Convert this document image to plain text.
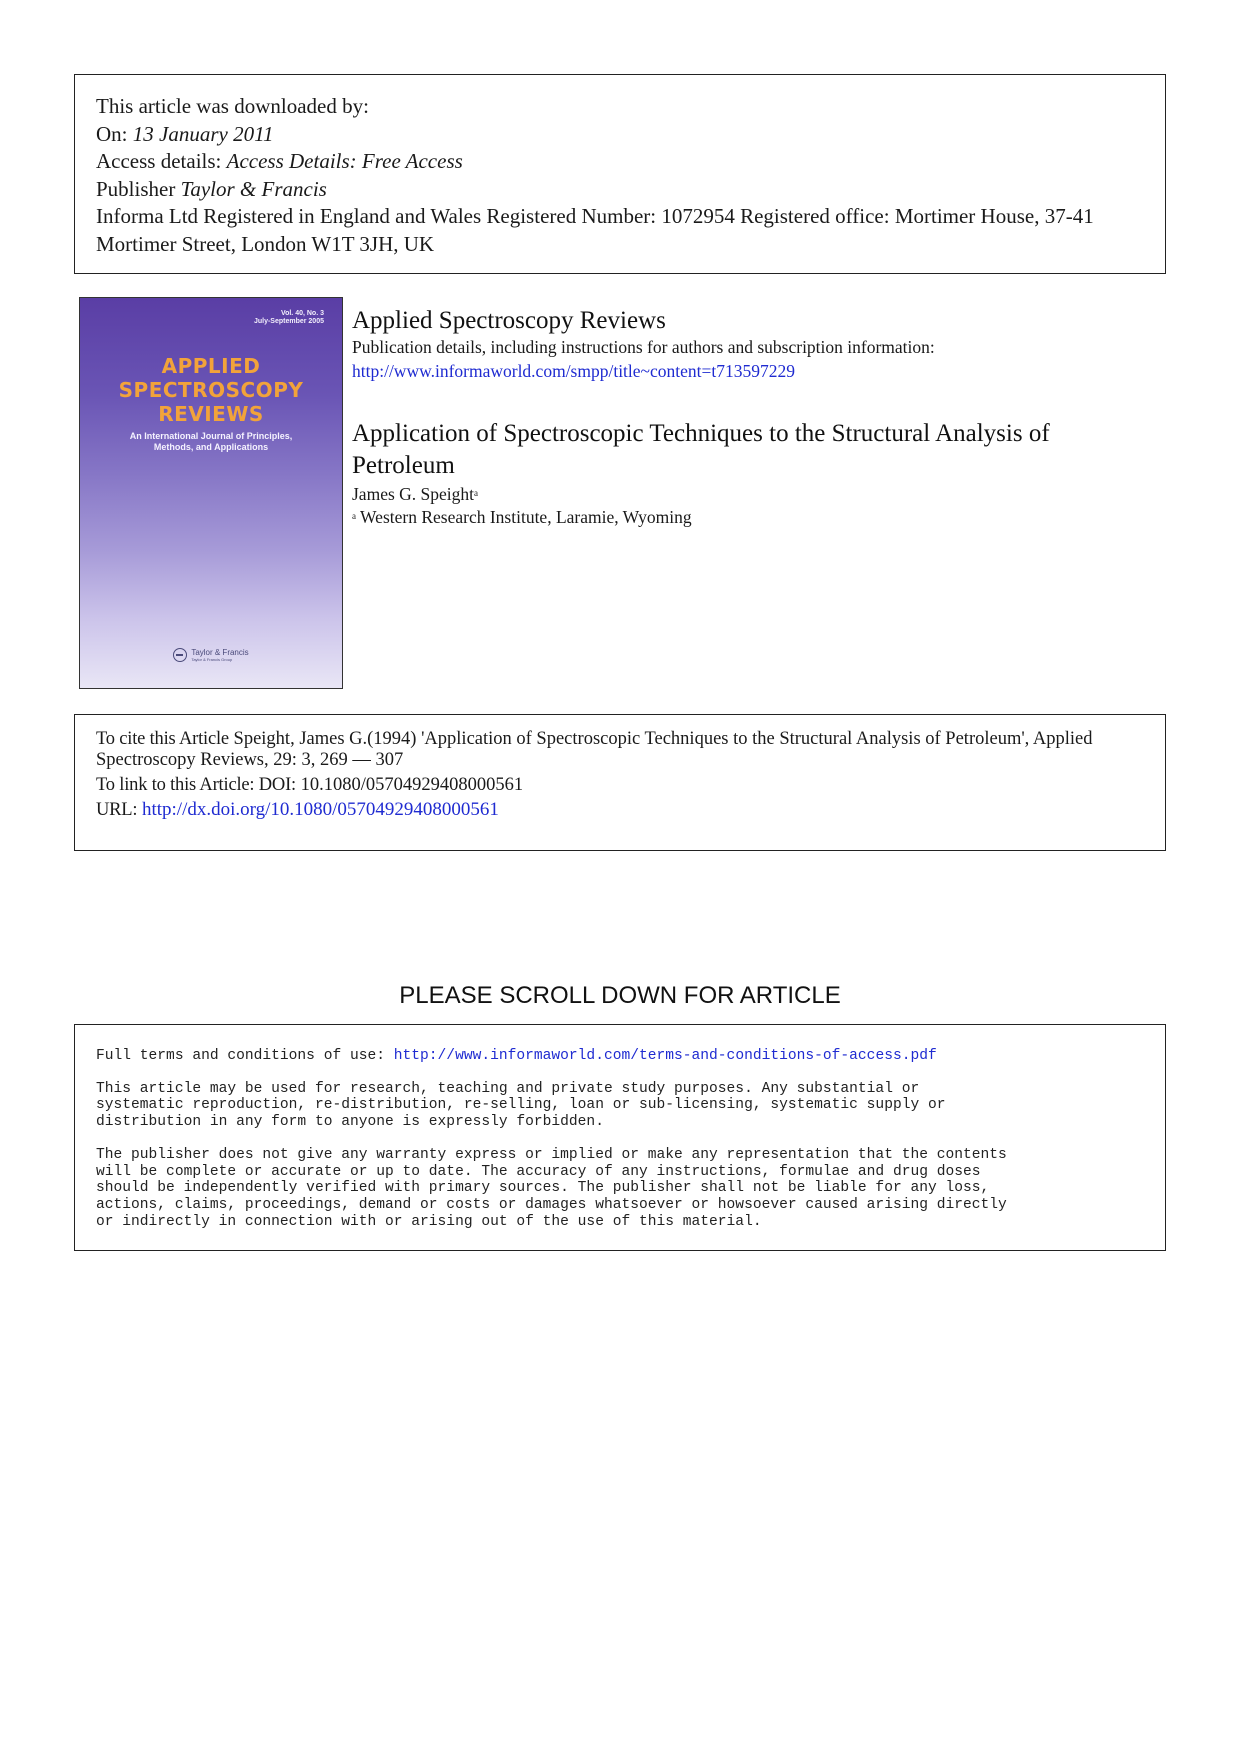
This article was downloaded by:
On: 13 January 2011
Access details: Access Details: Free Access
Publisher Taylor & Francis
Informa Ltd Registered in England and Wales Registered Number: 1072954 Registered office: Mortimer House, 37-41 Mortimer Street, London W1T 3JH, UK
Vol. 40, No. 3
July-September 2005
APPLIED
SPECTROSCOPY
REVIEWS
An International Journal of Principles,
Methods, and Applications
Taylor & Francis
Taylor & Francis Group
Applied Spectroscopy Reviews
Publication details, including instructions for authors and subscription information:
http://www.informaworld.com/smpp/title~content=t713597229
Application of Spectroscopic Techniques to the Structural Analysis of Petroleum
James G. Speight$^a$
$^a$ Western Research Institute, Laramie, Wyoming
To cite this Article Speight, James G.(1994) 'Application of Spectroscopic Techniques to the Structural Analysis of Petroleum', Applied Spectroscopy Reviews, 29: 3, 269 — 307
To link to this Article: DOI: 10.1080/05704929408000561
URL: http://dx.doi.org/10.1080/05704929408000561
PLEASE SCROLL DOWN FOR ARTICLE
Full terms and conditions of use: http://www.informaworld.com/terms-and-conditions-of-access.pdf
This article may be used for research, teaching and private study purposes. Any substantial or
systematic reproduction, re-distribution, re-selling, loan or sub-licensing, systematic supply or
distribution in any form to anyone is expressly forbidden.
The publisher does not give any warranty express or implied or make any representation that the contents
will be complete or accurate or up to date. The accuracy of any instructions, formulae and drug doses
should be independently verified with primary sources. The publisher shall not be liable for any loss,
actions, claims, proceedings, demand or costs or damages whatsoever or howsoever caused arising directly
or indirectly in connection with or arising out of the use of this material.
